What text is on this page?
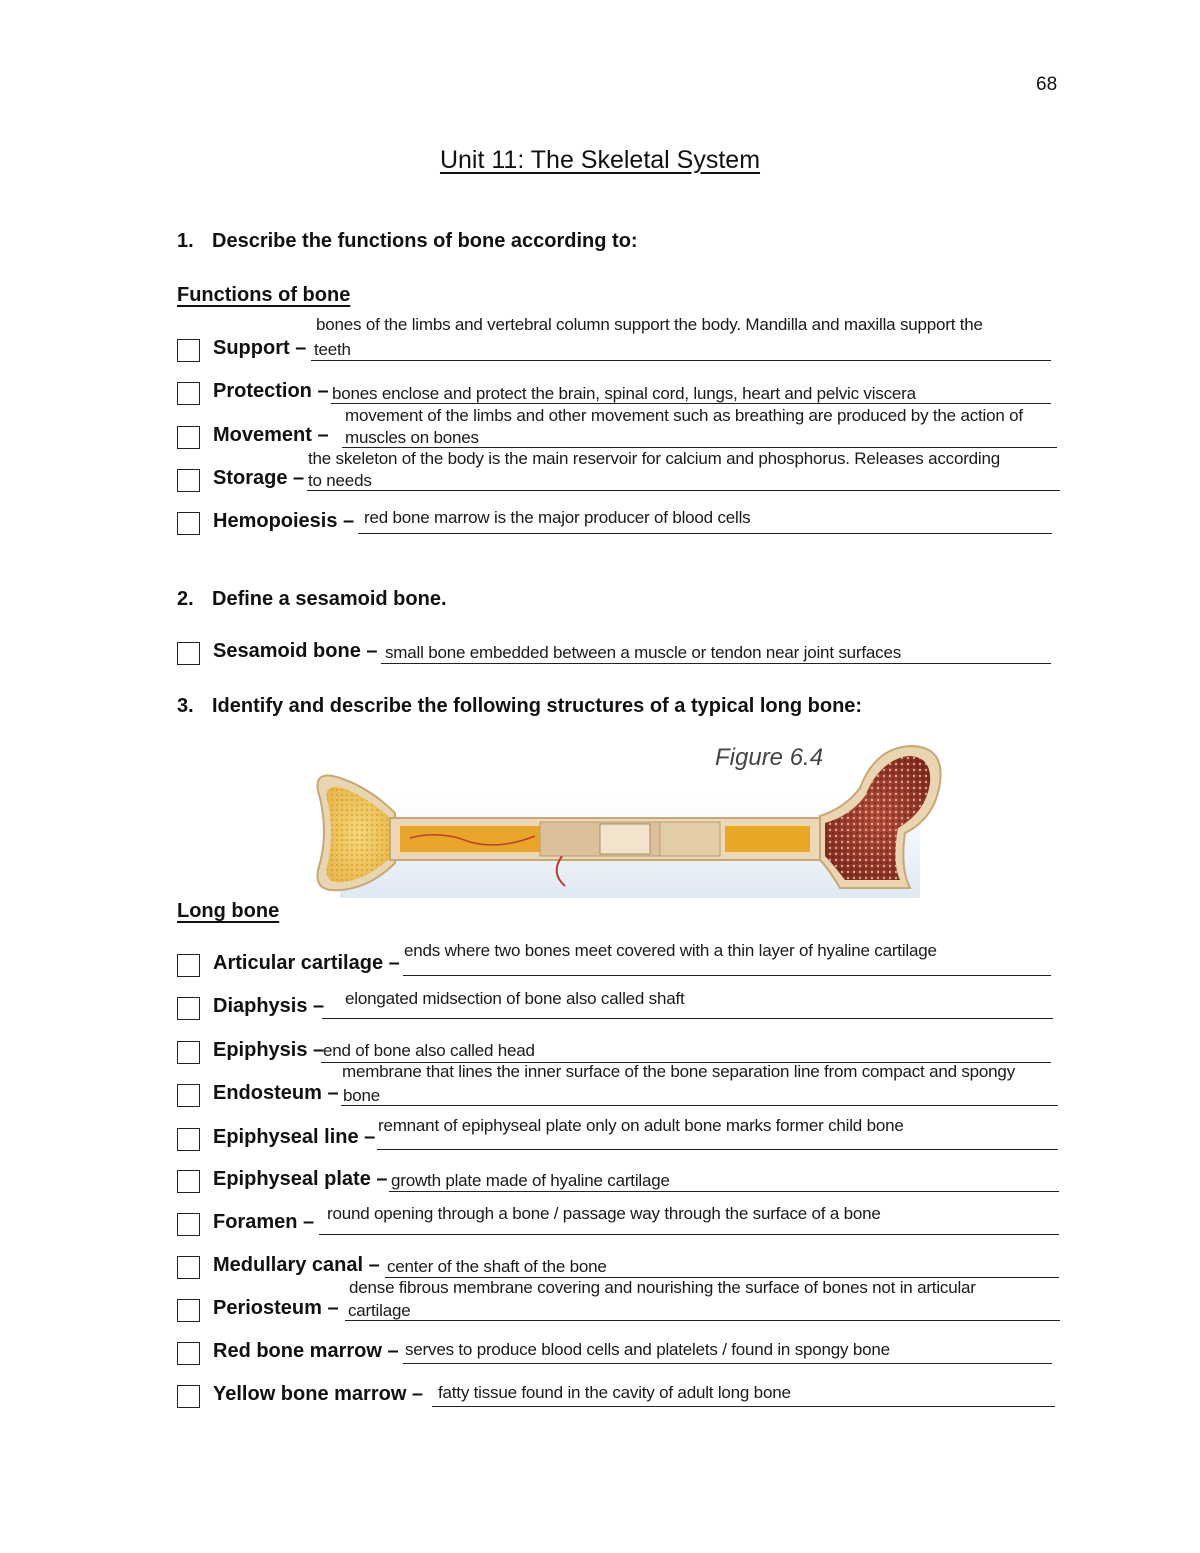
68
Unit 11: The Skeletal System
1. Describe the functions of bone according to:
Functions of bone
Support –
bones of the limbs and vertebral column support the body. Mandilla and maxilla support the
teeth
Protection – bones enclose and protect the brain, spinal cord, lungs, heart and pelvic viscera
Movement –
movement of the limbs and other movement such as breathing are produced by the action of
muscles on bones
Storage –
the skeleton of the body is the main reservoir for calcium and phosphorus. Releases according
to needs
Hemopoiesis – red bone marrow is the major producer of blood cells
2. Define a sesamoid bone.
Sesamoid bone – small bone embedded between a muscle or tendon near joint surfaces
3. Identify and describe the following structures of a typical long bone:
Figure 6.4
Long bone
Articular cartilage –
ends where two bones meet covered with a thin layer of hyaline cartilage
Diaphysis – elongated midsection of bone also called shaft
Epiphysis –
end of bone also called head
Endosteum –
membrane that lines the inner surface of the bone separation line from compact and spongy
bone
Epiphyseal line –
remnant of epiphyseal plate only on adult bone marks former child bone
Epiphyseal plate – growth plate made of hyaline cartilage
Foramen – round opening through a bone / passage way through the surface of a bone
Medullary canal – center of the shaft of the bone
Periosteum –
dense fibrous membrane covering and nourishing the surface of bones not in articular
cartilage
Red bone marrow – serves to produce blood cells and platelets / found in spongy bone
Yellow bone marrow – fatty tissue found in the cavity of adult long bone
